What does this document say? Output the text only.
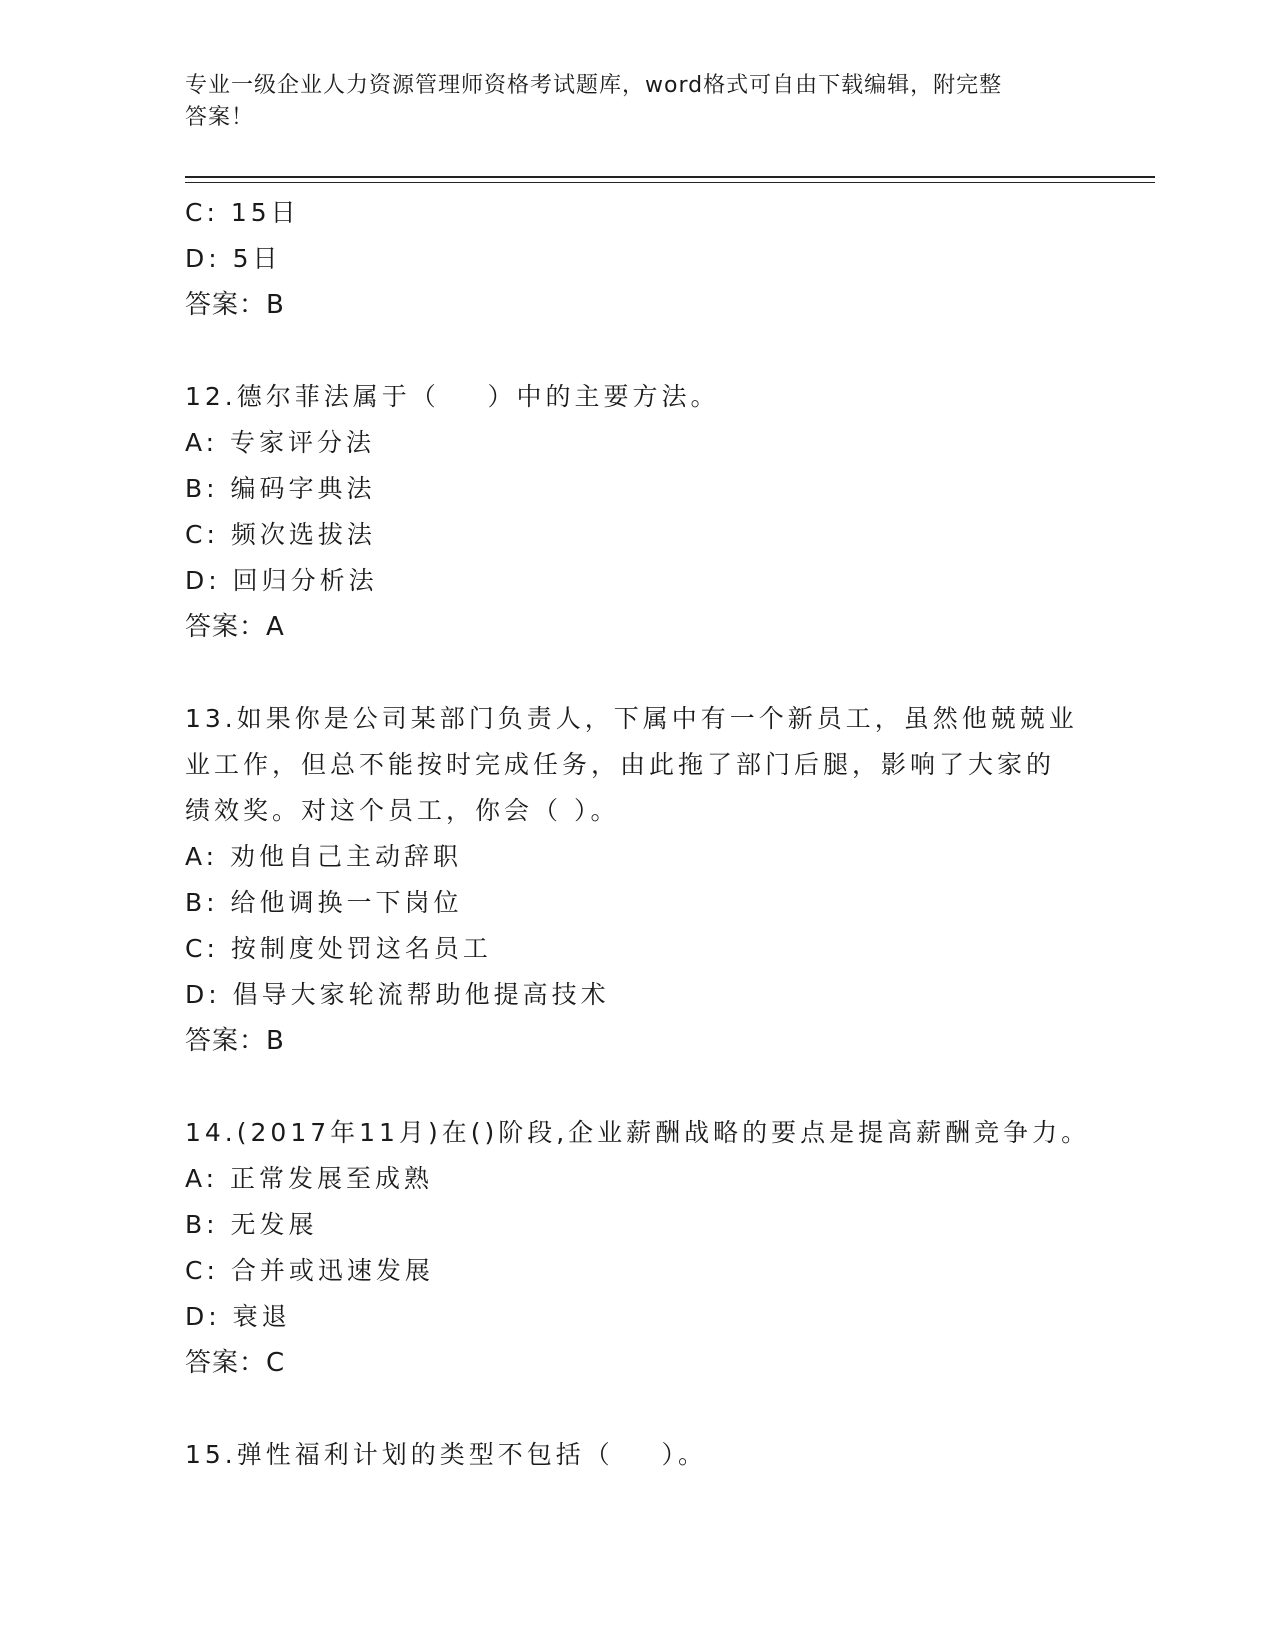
专业一级企业人力资源管理师资格考试题库，word格式可自由下载编辑，附完整
答案！
C: 15日
D: 5日
答案：B
12.德尔菲法属于（    ）中的主要方法。
A: 专家评分法
B: 编码字典法
C: 频次选拔法
D: 回归分析法
答案：A
13.如果你是公司某部门负责人，下属中有一个新员工，虽然他兢兢业
业工作，但总不能按时完成任务，由此拖了部门后腿，影响了大家的
绩效奖。对这个员工，你会（ ）。
A: 劝他自己主动辞职
B: 给他调换一下岗位
C: 按制度处罚这名员工
D: 倡导大家轮流帮助他提高技术
答案：B
14.(2017年11月)在()阶段,企业薪酬战略的要点是提高薪酬竞争力。
A: 正常发展至成熟
B: 无发展
C: 合并或迅速发展
D: 衰退
答案：C
15.弹性福利计划的类型不包括（    ）。
